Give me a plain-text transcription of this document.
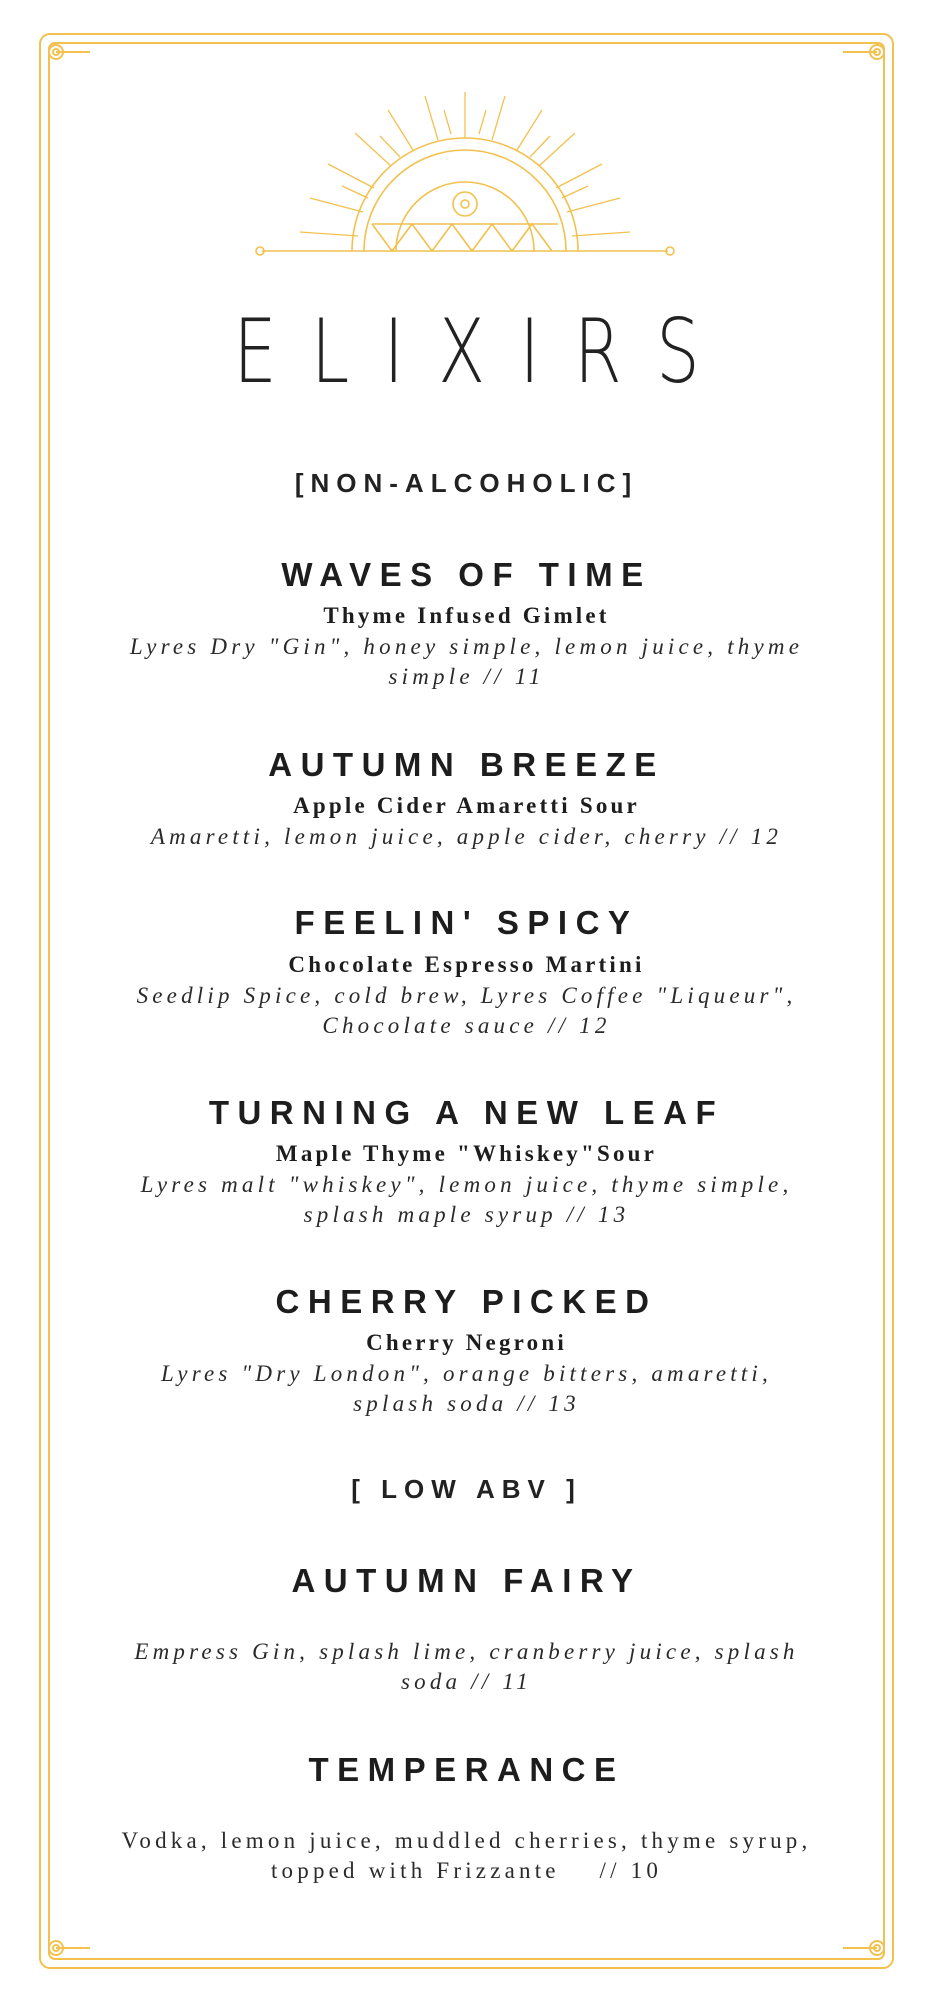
ELIXIRS
[NON-ALCOHOLIC]
WAVES OF TIME
Thyme Infused Gimlet
Lyres Dry "Gin", honey simple, lemon juice, thyme
simple // 11
AUTUMN BREEZE
Apple Cider Amaretti Sour
Amaretti, lemon juice, apple cider, cherry // 12
FEELIN' SPICY
Chocolate Espresso Martini
Seedlip Spice, cold brew, Lyres Coffee "Liqueur",
Chocolate sauce // 12
TURNING A NEW LEAF
Maple Thyme "Whiskey"Sour
Lyres malt "whiskey", lemon juice, thyme simple,
splash maple syrup // 13
CHERRY PICKED
Cherry Negroni
Lyres "Dry London", orange bitters, amaretti,
splash soda // 13
[ LOW ABV ]
AUTUMN FAIRY
Empress Gin, splash lime, cranberry juice, splash
soda // 11
TEMPERANCE
Vodka, lemon juice, muddled cherries, thyme syrup,
topped with Frizzante    // 10
